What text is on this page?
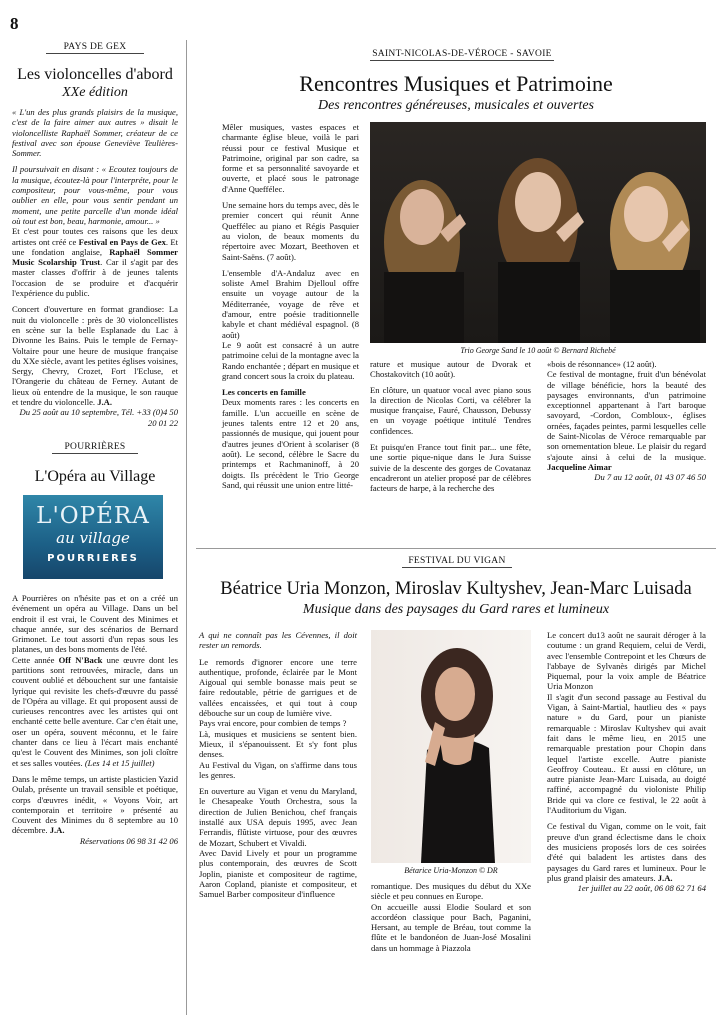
8
PAYS DE GEX
Les violoncelles d'abord
XXe édition

« L'un des plus grands plaisirs de la musique, c'est de la faire aimer aux autres » disait le violoncelliste Raphaël Sommer, créateur de ce festival avec son épouse Geneviève Teulières-Sommer.

Il poursuivait en disant : « Ecoutez toujours de la musique, écoutez-là pour l'interpréte, pour le compositeur, pour vous-même, pour vous oublier en elle, pour vous sentir pendant un moment, une petite parcelle d'un monde idéal où tout est bon, beau, harmonie, amour... »

Et c'est pour toutes ces raisons que les deux artistes ont créé ce Festival en Pays de Gex. Et une fondation anglaise, Raphaël Sommer Music Scolarship Trust. Car il s'agit par des master classes d'offrir à de jeunes talents l'occasion de se produire et d'acquérir l'expérience du public.

Concert d'ouverture en format grandiose: La nuit du violoncelle : près de 30 violoncellistes en scène sur la belle Esplanade du Lac à Divonne les Bains. Puis le temple de Fernay-Voltaire pour une heure de musique française du XXe siècle, avant les petites églises voisines, Sergy, Chevry, Crozet, Fort l'Ecluse, et l'Orangerie du château de Ferney. Autant de lieux où entendre de la musique, le son rauque et tendre du violoncelle. J.A.

Du 25 août au 10 septembre, Tél. +33 (0)4 50 20 01 22

POURRIÈRES
L'Opéra au Village
L'OPÉRA
au village
POURRIERES

A Pourrières on n'hésite pas et on a créé un événement un opéra au Village. Dans un bel endroit il est vrai, le Couvent des Minimes et chaque année, sur des scénarios de Bernard Grimonet. Le tout assorti d'un repas sous les platanes, un des bons moments de l'été.

Cette année Off N'Back une œuvre dont les partitions sont retrouvées, miracle, dans un couvent oublié et débouchent sur une fantaisie lyrique qui revisite les chefs-d'œuvre du passé de l'Opéra au village. Et qui proposent aussi de curieuses rencontres avec les artistes qui ont enchanté cette belle aventure. Car c'en était une, oser un opéra, souvent méconnu, et le faire chanter dans ce lieu à l'écart mais enchanté qu'est le Couvent des Minimes, son joli cloître et ses salles voutées. (Les 14 et 15 juillet)

Dans le même temps, un artiste plasticien Yazid Oulab, présente un travail sensible et poétique, corps d'œuvres inédit, « Voyons Voir, art contemporain et territoire » présenté au Couvent des Minimes du 8 septembre au 10 décembre. J.A.

Réservations 06 98 31 42 06

SAINT-NICOLAS-DE-VÉROCE - SAVOIE
Rencontres Musiques et Patrimoine
Des rencontres généreuses, musicales et ouvertes

Mêler musiques, vastes espaces et charmante église bleue, voilà le pari réussi pour ce festival Musique et Patrimoine, original par son cadre, sa forme et sa personnalité savoyarde et ouverte, et placé sous le patronage d'Anne Queffélec.

Une semaine hors du temps avec, dès le premier concert qui réunit Anne Queffélec au piano et Régis Pasquier au violon, de beaux moments du répertoire avec Mozart, Beethoven et Saint-Saëns. (7 août).

L'ensemble d'A-Andaluz avec en soliste Amel Brahim Djelloul offre ensuite un voyage autour de la Méditerranée, voyage de rêve et d'amour, entre poésie traditionnelle kabyle et chant médiéval espagnol. (8 août)

Le 9 août est consacré à un autre patrimoine celui de la montagne avec la Rando enchantée ; départ en musique et grand concert sous la croix du plateau.

Les concerts en famille

Deux moments rares : les concerts en famille. L'un accueille en scène de jeunes talents entre 12 et 20 ans, passionnés de musique, qui jouent pour d'autres jeunes d'Orient à scolariser (8 août). Le second, célèbre le Sacre du printemps et Rachmaninoff, à 20 doigts. Ils précèdent le Trio George Sand, qui réussit une union entre litté-

Trio George Sand le 10 août © Bernard Richebé

rature et musique autour de Dvorak et Chostakovitch (10 août).

En clôture, un quatuor vocal avec piano sous la direction de Nicolas Corti, va célébrer la musique française, Fauré, Chausson, Debussy en un voyage poétique intitulé Tendres confidences.

Et puisqu'en France tout finit par... une fête, une sortie pique-nique dans le Jura Suisse suivie de la descente des gorges de Covatanaz encadreront un atelier proposé par de célèbres facteurs de harpe, à la recherche des

«bois de résonnance» (12 août).

Ce festival de montagne, fruit d'un bénévolat de village bénéficie, hors la beauté des paysages environnants, d'un patrimoine exceptionnel appartenant à l'art baroque savoyard, -Cordon, Combloux-, églises ornées, façades peintes, parmi lesquelles celle de Saint-Nicolas de Véroce remarquable par son ornementation bleue. Le plaisir du regard s'ajoute ainsi à celui de la musique. Jacqueline Aimar

Du 7 au 12 août, 01 43 07 46 50

FESTIVAL DU VIGAN
Béatrice Uria Monzon, Miroslav Kultyshev, Jean-Marc Luisada
Musique dans des paysages du Gard rares et lumineux

A qui ne connaît pas les Cévennes, il doit rester un remords.

Le remords d'ignorer encore une terre authentique, profonde, éclairée par le Mont Aigoual qui semble bonasse mais peut se faire redoutable, pétrie de garrigues et de vallées encaissées, et qui tout à coup débouche sur un coup de lumière vive.

Pays vrai encore, pour combien de temps ?

Là, musiques et musiciens se sentent bien. Mieux, il s'épanouissent. Et s'y font plus denses.

Au Festival du Vigan, on s'affirme dans tous les genres.

En ouverture au Vigan et venu du Maryland, le Chesapeake Youth Orchestra, sous la direction de Julien Benichou, chef français installé aux USA depuis 1995, avec Jean Ferrandis, flûtiste virtuose, pour des œuvres de Mozart, Schubert et Vivaldi.

Avec David Lively et pour un programme plus contemporain, des œuvres de Scott Joplin, pianiste et compositeur de ragtime, Aaron Copland, pianiste et compositeur, et Samuel Barber compositeur d'influence

Bétarice Uria-Monzon © DR

romantique. Des musiques du début du XXe siècle et peu connues en Europe.

On accueille aussi Elodie Soulard et son accordéon classique pour Bach, Paganini, Hersant, au temple de Bréau, tout comme la flûte et le bandonéon de Juan-José Mosalini dans un hommage à Piazzola

Le concert du13 août ne saurait déroger à la coutume : un grand Requiem, celui de Verdi, avec l'ensemble Contrepoint et les Chœurs de l'abbaye de Sylvanès dirigés par Michel Piquemal, pour la voix ample de Béatrice Uria Monzon

Il s'agit d'un second passage au Festival du Vigan, à Saint-Martial, hautlieu des « pays nature » du Gard, pour un pianiste remarquable : Miroslav Kultyshev qui avait fait dans le même lieu, en 2015 une remarquable prestation pour Chopin dans lequel l'artiste excelle. Autre pianiste Geoffroy Couteau.. Et aussi en clôture, un autre pianiste Jean-Marc Luisada, au doigté raffiné, accompagné du violoniste Philip Bride qui va clore ce festival, le 22 août à l'Auditorium du Vigan.

Ce festival du Vigan, comme on le voit, fait preuve d'un grand éclectisme dans le choix des musiciens proposés lors de ces soirées d'été qui baladent les artistes dans des paysages du Gard rares et lumineux. Pour le plus grand plaisir des amateurs. J.A.

1er juillet au 22 août, 06 08 62 71 64
